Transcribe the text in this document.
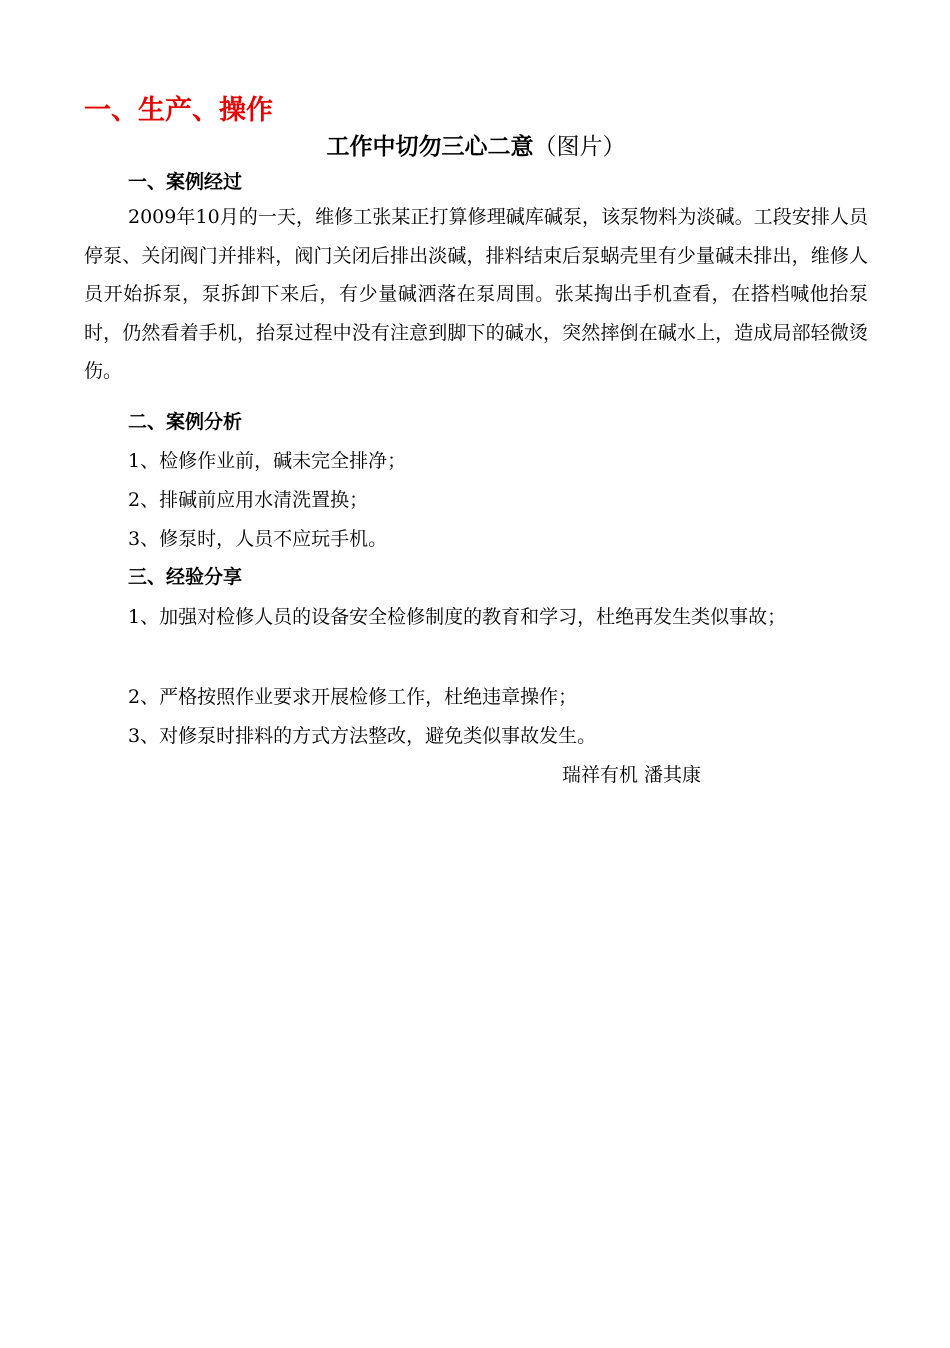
一、生产、操作
工作中切勿三心二意（图片）
一、案例经过
2009年10月的一天，维修工张某正打算修理碱库碱泵，该泵物料为淡碱。工段安排人员停泵、关闭阀门并排料，阀门关闭后排出淡碱，排料结束后泵蜗壳里有少量碱未排出，维修人员开始拆泵，泵拆卸下来后，有少量碱洒落在泵周围。张某掏出手机查看，在搭档喊他抬泵时，仍然看着手机，抬泵过程中没有注意到脚下的碱水，突然摔倒在碱水上，造成局部轻微烫伤。
二、案例分析
1、检修作业前，碱未完全排净；
2、排碱前应用水清洗置换；
3、修泵时，人员不应玩手机。
三、经验分享
1、加强对检修人员的设备安全检修制度的教育和学习，杜绝再发生类似事故；
2、严格按照作业要求开展检修工作，杜绝违章操作；
3、对修泵时排料的方式方法整改，避免类似事故发生。
瑞祥有机 潘其康
